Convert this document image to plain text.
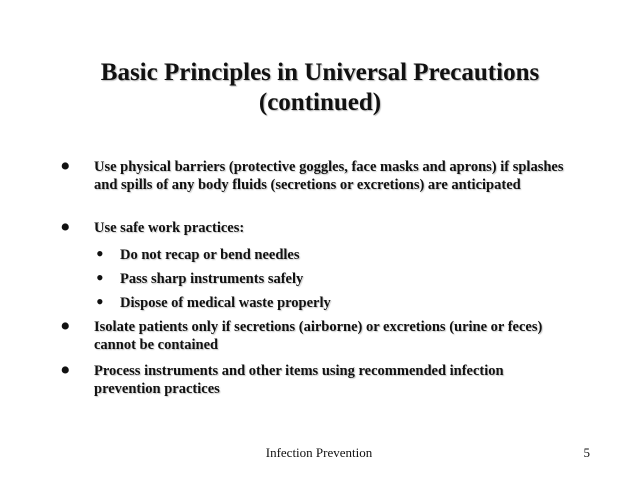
Basic Principles in Universal Precautions
(continued)
• Use physical barriers (protective goggles, face masks and aprons) if splashes and spills of any body fluids (secretions or excretions) are anticipated
• Use safe work practices:
• Do not recap or bend needles
• Pass sharp instruments safely
• Dispose of medical waste properly
• Isolate patients only if secretions (airborne) or excretions (urine or feces) cannot be contained
• Process instruments and other items using recommended infection prevention practices
Infection Prevention	5
